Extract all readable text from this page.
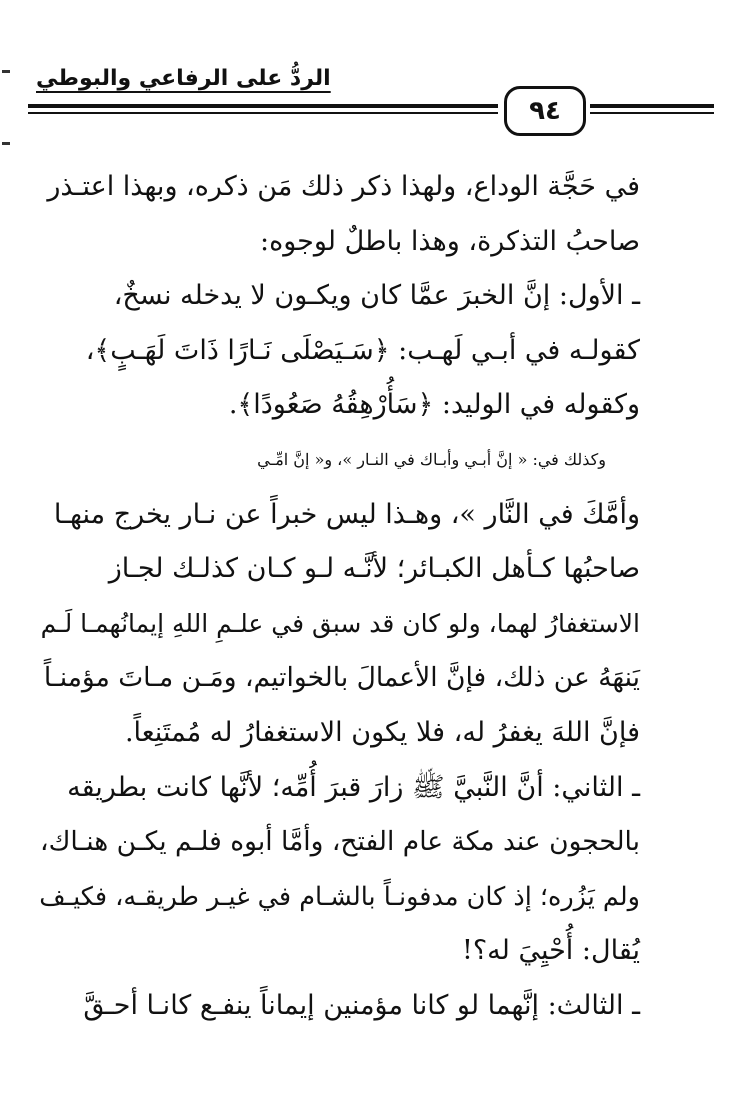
الردُّ على الرفاعي والبوطي
٩٤
في حَجَّة الوداع، ولهذا ذكر ذلك مَن ذكره، وبهذا اعتـذر
صاحبُ التذكرة، وهذا باطلٌ لوجوه:
ـ الأول: إنَّ الخبرَ عمَّا كان ويكـون لا يدخله نسخٌ،
كقولـه في أبـي لَهـب: ﴿سَـيَصْلَى نَـارًا ذَاتَ لَهَـبٍ﴾،
وكقوله في الوليد: ﴿سَأُرْهِقُهُ صَعُودًا﴾.
وكذلك في: « إنَّ أبـي وأبـاك في النـار »، و« إنَّ امِّـي
وأمَّكَ في النَّار »، وهـذا ليس خبراً عن نـار يخرج منهـا
صاحبُها كـأهل الكبـائر؛ لأنَّـه لـو كـان كذلـك لجـاز
الاستغفارُ لهما، ولو كان قد سبق في علـمِ اللهِ إيمانُهمـا لَـم
يَنهَهُ عن ذلك، فإنَّ الأعمالَ بالخواتيم، ومَـن مـاتَ مؤمنـاً
فإنَّ اللهَ يغفرُ له، فلا يكون الاستغفارُ له مُمتَنِعاً.
ـ الثاني: أنَّ النَّبيَّ ﷺ زارَ قبرَ أُمِّه؛ لأنَّها كانت بطريقه
بالحجون عند مكة عام الفتح، وأمَّا أبوه فلـم يكـن هنـاك،
ولم يَزُره؛ إذ كان مدفونـاً بالشـام في غيـر طريقـه، فكيـف
يُقال: أُحْيِيَ له؟!
ـ الثالث: إنَّهما لو كانا مؤمنين إيماناً ينفـع كانـا أحـقَّ
